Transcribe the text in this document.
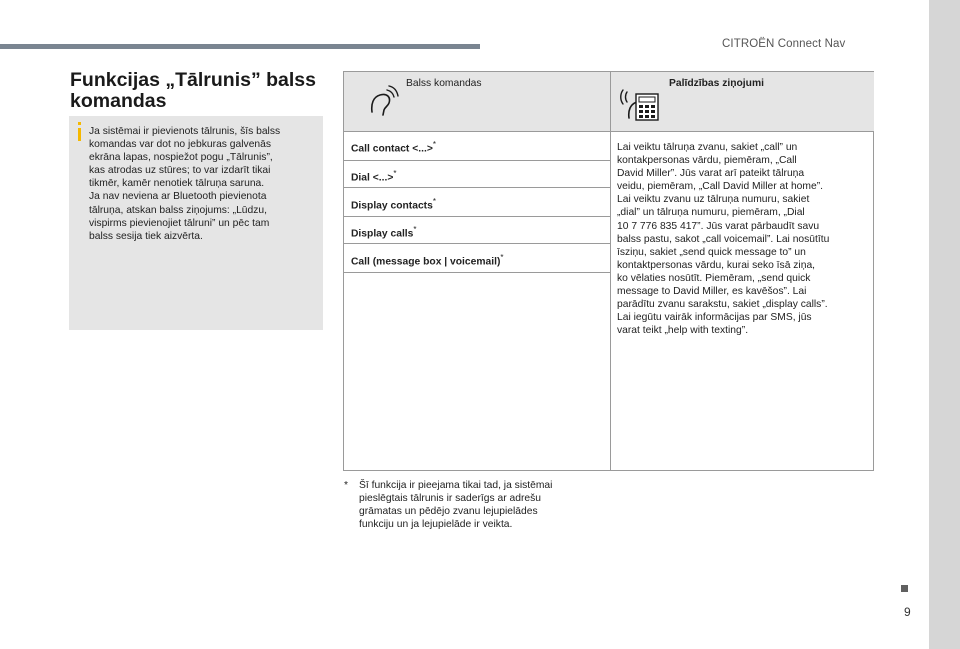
CITROËN Connect Nav
Funkcijas „Tālrunis” balss komandas
Ja sistēmai ir pievienots tālrunis, šīs balss
komandas var dot no jebkuras galvenās
ekrāna lapas, nospiežot pogu „Tālrunis”,
kas atrodas uz stūres; to var izdarīt tikai
tikmēr, kamēr nenotiek tālruņa saruna.
Ja nav neviena ar Bluetooth pievienota
tālruņa, atskan balss ziņojums: „Lūdzu,
vispirms pievienojiet tālruni” un pēc tam
balss sesija tiek aizvērta.
Balss komandas	Palīdzības ziņojumi
Call contact <...>*
Dial <...>*
Display contacts*
Display calls*
Call (message box | voicemail)*
Lai veiktu tālruņa zvanu, sakiet „call” un
kontakpersonas vārdu, piemēram, „Call
David Miller”. Jūs varat arī pateikt tālruņa
veidu, piemēram, „Call David Miller at home”.
Lai veiktu zvanu uz tālruņa numuru, sakiet
„dial” un tālruņa numuru, piemēram, „Dial
10 7 776 835 417”. Jūs varat pārbaudīt savu
balss pastu, sakot „call voicemail”. Lai nosūtītu
īsziņu, sakiet „send quick message to” un
kontaktpersonas vārdu, kurai seko īsā ziņa,
ko vēlaties nosūtīt. Piemēram, „send quick
message to David Miller, es kavēšos”. Lai
parādītu zvanu sarakstu, sakiet „display calls”.
Lai iegūtu vairāk informācijas par SMS, jūs
varat teikt „help with texting”.
* Šī funkcija ir pieejama tikai tad, ja sistēmai
pieslēgtais tālrunis ir saderīgs ar adrešu
grāmatas un pēdējo zvanu lejupielādes
funkciju un ja lejupielāde ir veikta.
9
